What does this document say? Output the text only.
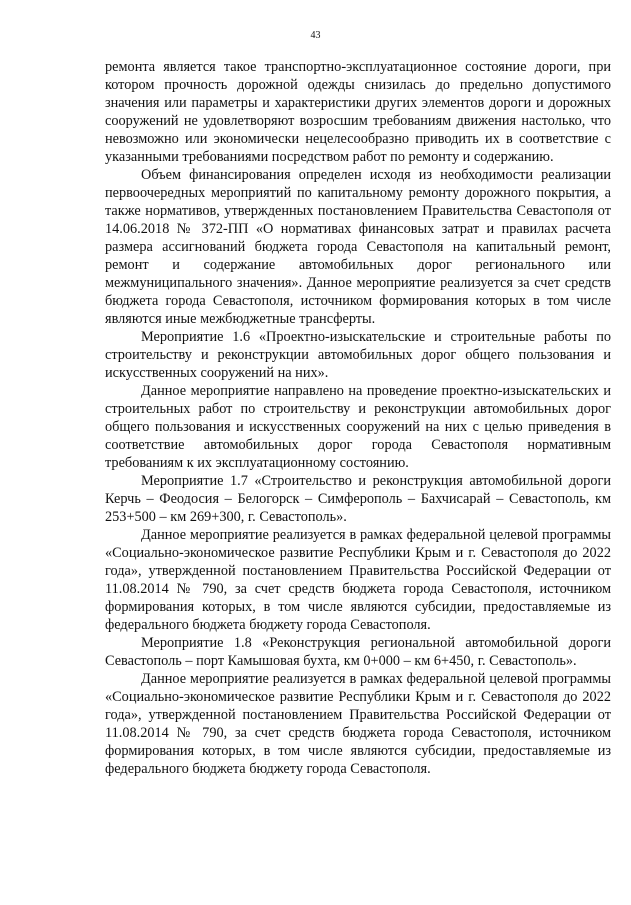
43

ремонта является такое транспортно-эксплуатационное состояние дороги, при котором прочность дорожной одежды снизилась до предельно допустимого значения или параметры и характеристики других элементов дороги и дорожных сооружений не удовлетворяют возросшим требованиям движения настолько, что невозможно или экономически нецелесообразно приводить их в соответствие с указанными требованиями посредством работ по ремонту и содержанию.

Объем финансирования определен исходя из необходимости реализации первоочередных мероприятий по капитальному ремонту дорожного покрытия, а также нормативов, утвержденных постановлением Правительства Севастополя от 14.06.2018 № 372-ПП «О нормативах финансовых затрат и правилах расчета размера ассигнований бюджета города Севастополя на капитальный ремонт, ремонт и содержание автомобильных дорог регионального или межмуниципального значения». Данное мероприятие реализуется за счет средств бюджета города Севастополя, источником формирования которых в том числе являются иные межбюджетные трансферты.

Мероприятие 1.6 «Проектно-изыскательские и строительные работы по строительству и реконструкции автомобильных дорог общего пользования и искусственных сооружений на них».

Данное мероприятие направлено на проведение проектно-изыскательских и строительных работ по строительству и реконструкции автомобильных дорог общего пользования и искусственных сооружений на них с целью приведения в соответствие автомобильных дорог города Севастополя нормативным требованиям к их эксплуатационному состоянию.

Мероприятие 1.7 «Строительство и реконструкция автомобильной дороги Керчь – Феодосия – Белогорск – Симферополь – Бахчисарай – Севастополь, км 253+500 – км 269+300, г. Севастополь».

Данное мероприятие реализуется в рамках федеральной целевой программы «Социально-экономическое развитие Республики Крым и г. Севастополя до 2022 года», утвержденной постановлением Правительства Российской Федерации от 11.08.2014 № 790, за счет средств бюджета города Севастополя, источником формирования которых, в том числе являются субсидии, предоставляемые из федерального бюджета бюджету города Севастополя.

Мероприятие 1.8 «Реконструкция региональной автомобильной дороги Севастополь – порт Камышовая бухта, км 0+000 – км 6+450, г. Севастополь».

Данное мероприятие реализуется в рамках федеральной целевой программы «Социально-экономическое развитие Республики Крым и г. Севастополя до 2022 года», утвержденной постановлением Правительства Российской Федерации от 11.08.2014 № 790, за счет средств бюджета города Севастополя, источником формирования которых, в том числе являются субсидии, предоставляемые из федерального бюджета бюджету города Севастополя.
